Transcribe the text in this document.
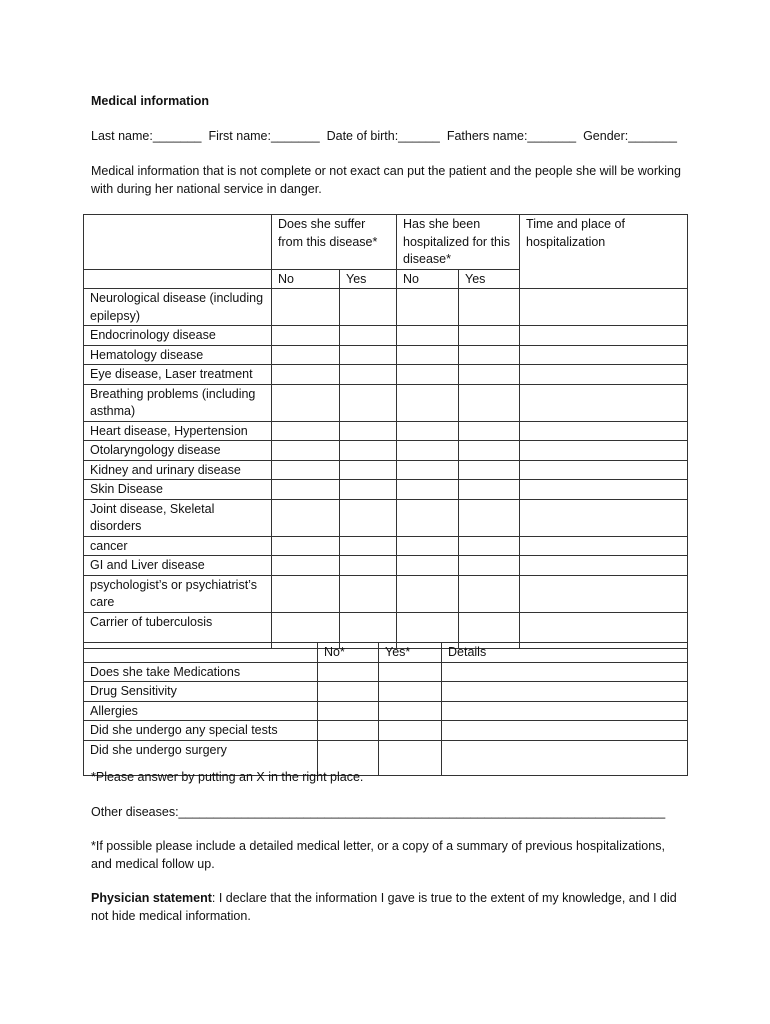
Medical information
Last name:_______ First name:_______ Date of birth:______ Fathers name:_______ Gender:_______
Medical information that is not complete or not exact can put the patient and the people she will be working with during her national service in danger.
	Does she suffer from this disease*		Has she been hospitalized for this disease*		Time and place of hospitalization
	No	Yes	No	Yes	
Neurological disease (including epilepsy)					
Endocrinology disease					
Hematology disease					
Eye disease, Laser treatment					
Breathing problems (including asthma)					
Heart disease, Hypertension					
Otolaryngology disease					
Kidney and urinary disease					
Skin Disease					
Joint disease, Skeletal disorders					
cancer					
GI and Liver disease					
psychologist’s or psychiatrist’s care					
Carrier of tuberculosis					
	No*	Yes*	Details
Does she take Medications			
Drug Sensitivity			
Allergies			
Did she undergo any special tests			
Did she undergo surgery			
*Please answer by putting an X in the right place.
Other diseases:______________________________________________________________________
*If possible please include a detailed medical letter, or a copy of a summary of previous hospitalizations, and medical follow up.
Physician statement: I declare that the information I gave is true to the extent of my knowledge, and I did not hide medical information.
